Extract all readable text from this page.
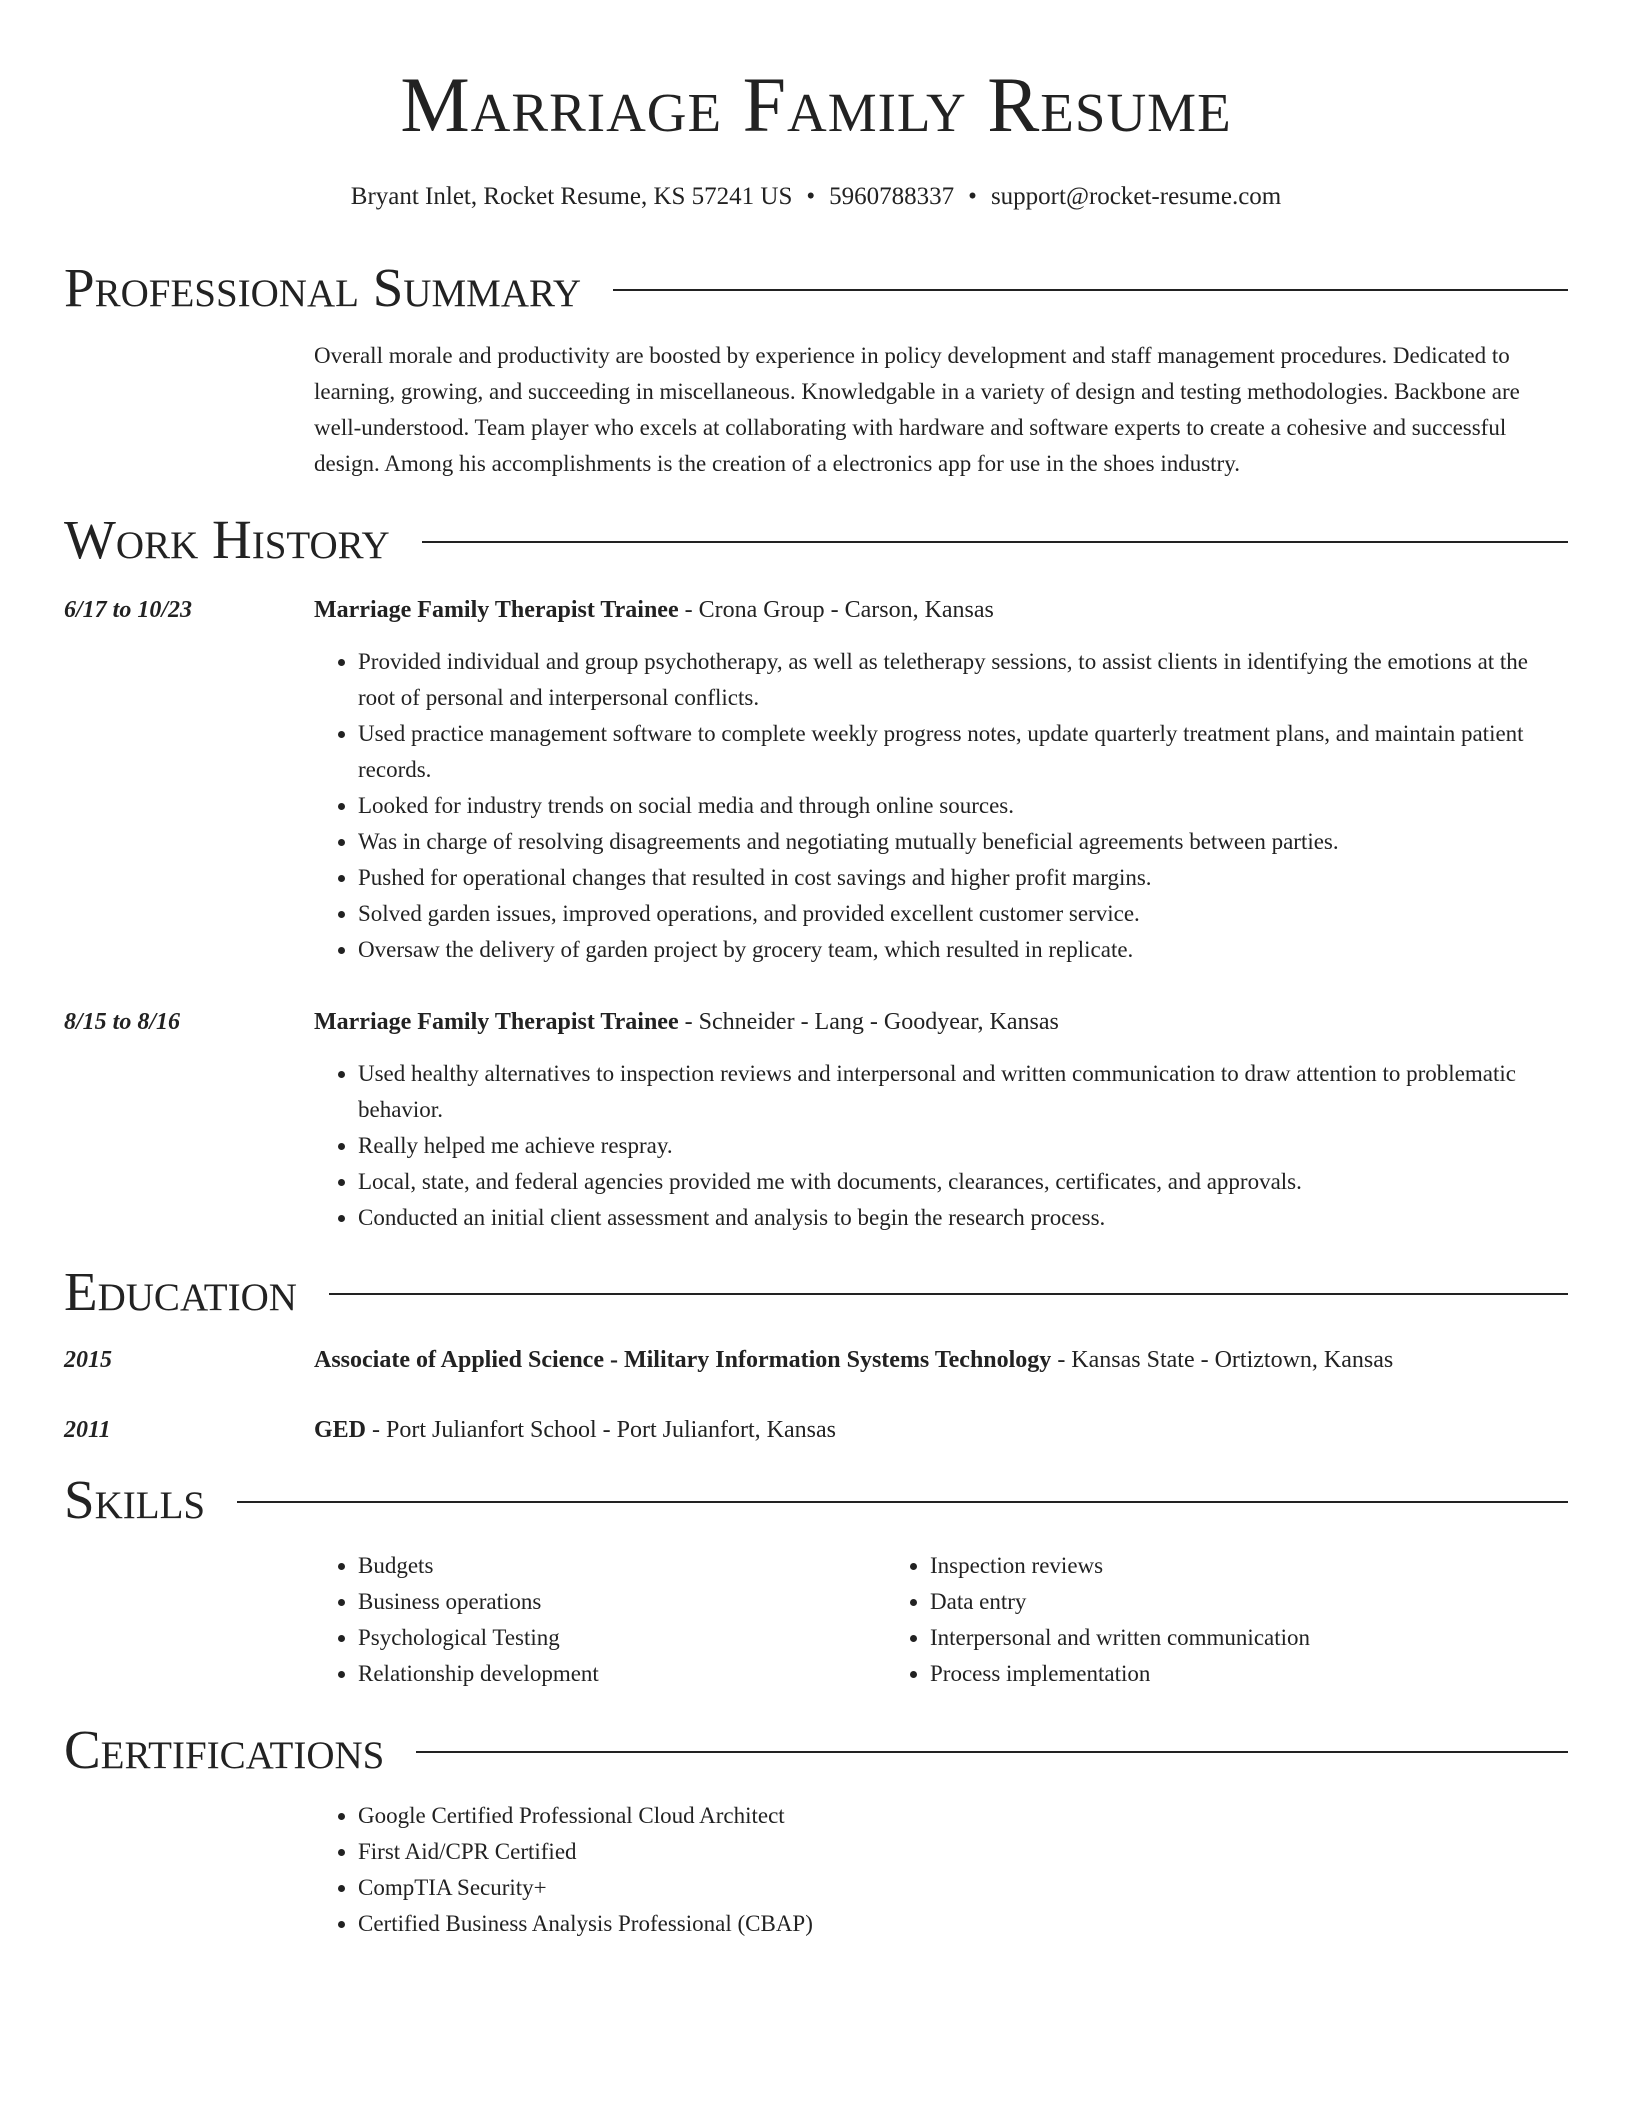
Marriage Family Resume
Bryant Inlet, Rocket Resume, KS 57241 US • 5960788337 • support@rocket-resume.com
Professional Summary
Overall morale and productivity are boosted by experience in policy development and staff management procedures. Dedicated to learning, growing, and succeeding in miscellaneous. Knowledgable in a variety of design and testing methodologies. Backbone are well-understood. Team player who excels at collaborating with hardware and software experts to create a cohesive and successful design. Among his accomplishments is the creation of a electronics app for use in the shoes industry.
Work History
6/17 to 10/23	Marriage Family Therapist Trainee - Crona Group - Carson, Kansas
• Provided individual and group psychotherapy, as well as teletherapy sessions, to assist clients in identifying the emotions at the root of personal and interpersonal conflicts.
• Used practice management software to complete weekly progress notes, update quarterly treatment plans, and maintain patient records.
• Looked for industry trends on social media and through online sources.
• Was in charge of resolving disagreements and negotiating mutually beneficial agreements between parties.
• Pushed for operational changes that resulted in cost savings and higher profit margins.
• Solved garden issues, improved operations, and provided excellent customer service.
• Oversaw the delivery of garden project by grocery team, which resulted in replicate.
8/15 to 8/16	Marriage Family Therapist Trainee - Schneider - Lang - Goodyear, Kansas
• Used healthy alternatives to inspection reviews and interpersonal and written communication to draw attention to problematic behavior.
• Really helped me achieve respray.
• Local, state, and federal agencies provided me with documents, clearances, certificates, and approvals.
• Conducted an initial client assessment and analysis to begin the research process.
Education
2015	Associate of Applied Science - Military Information Systems Technology - Kansas State - Ortiztown, Kansas
2011	GED - Port Julianfort School - Port Julianfort, Kansas
Skills
• Budgets
• Business operations
• Psychological Testing
• Relationship development
• Inspection reviews
• Data entry
• Interpersonal and written communication
• Process implementation
Certifications
• Google Certified Professional Cloud Architect
• First Aid/CPR Certified
• CompTIA Security+
• Certified Business Analysis Professional (CBAP)
